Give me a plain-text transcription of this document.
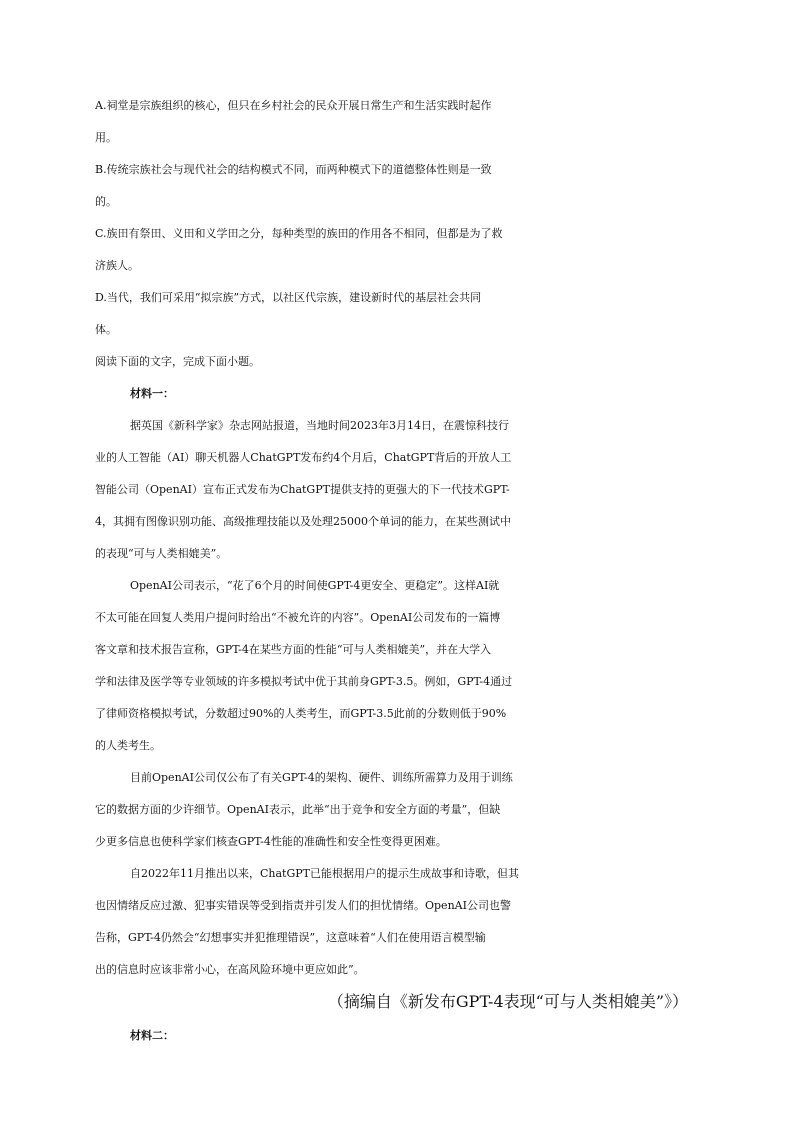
A.祠堂是宗族组织的核心，但只在乡村社会的民众开展日常生产和生活实践时起作

用。

B.传统宗族社会与现代社会的结构模式不同，而两种模式下的道德整体性则是一致

的。

C.族田有祭田、义田和义学田之分，每种类型的族田的作用各不相同，但都是为了救

济族人。

D.当代，我们可采用“拟宗族”方式，以社区代宗族，建设新时代的基层社会共同

体。

阅读下面的文字，完成下面小题。

材料一：

据英国《新科学家》杂志网站报道，当地时间2023年3月14日，在震惊科技行

业的人工智能（AI）聊天机器人ChatGPT发布约4个月后，ChatGPT背后的开放人工

智能公司（OpenAI）宣布正式发布为ChatGPT提供支持的更强大的下一代技术GPT-

4，其拥有图像识别功能、高级推理技能以及处理25000个单词的能力，在某些测试中

的表现“可与人类相媲美”。

OpenAI公司表示，“花了6个月的时间使GPT-4更安全、更稳定”。这样AI就

不太可能在回复人类用户提问时给出“不被允许的内容”。OpenAI公司发布的一篇博

客文章和技术报告宣称，GPT-4在某些方面的性能“可与人类相媲美”，并在大学入

学和法律及医学等专业领域的许多模拟考试中优于其前身GPT-3.5。例如，GPT-4通过

了律师资格模拟考试，分数超过90%的人类考生，而GPT-3.5此前的分数则低于90%

的人类考生。

目前OpenAI公司仅公布了有关GPT-4的架构、硬件、训练所需算力及用于训练

它的数据方面的少许细节。OpenAI表示，此举“出于竞争和安全方面的考量”，但缺

少更多信息也使科学家们核查GPT-4性能的准确性和安全性变得更困难。

自2022年11月推出以来，ChatGPT已能根据用户的提示生成故事和诗歌，但其

也因情绪反应过激、犯事实错误等受到指责并引发人们的担忧情绪。OpenAI公司也警

告称，GPT-4仍然会“幻想事实并犯推理错误”，这意味着“人们在使用语言模型输

出的信息时应该非常小心，在高风险环境中更应如此”。

（摘编自《新发布GPT-4表现“可与人类相媲美”》）

材料二：
